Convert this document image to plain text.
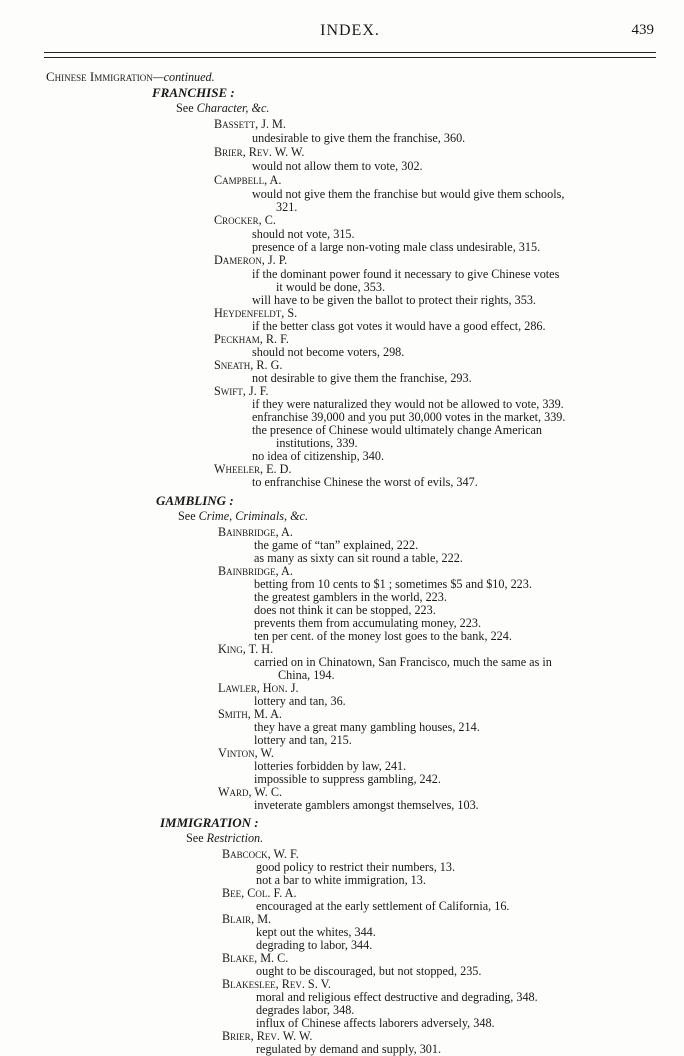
INDEX.	439
Chinese Immigration—continued.
FRANCHISE :
See Character, &c.
Bassett, J. M.
undesirable to give them the franchise, 360.
Brier, Rev. W. W.
would not allow them to vote, 302.
Campbell, A.
would not give them the franchise but would give them schools,
321.
Crocker, C.
should not vote, 315.
presence of a large non-voting male class undesirable, 315.
Dameron, J. P.
if the dominant power found it necessary to give Chinese votes
it would be done, 353.
will have to be given the ballot to protect their rights, 353.
Heydenfeldt, S.
if the better class got votes it would have a good effect, 286.
Peckham, R. F.
should not become voters, 298.
Sneath, R. G.
not desirable to give them the franchise, 293.
Swift, J. F.
if they were naturalized they would not be allowed to vote, 339.
enfranchise 39,000 and you put 30,000 votes in the market, 339.
the presence of Chinese would ultimately change American
institutions, 339.
no idea of citizenship, 340.
Wheeler, E. D.
to enfranchise Chinese the worst of evils, 347.
GAMBLING :
See Crime, Criminals, &c.
Bainbridge, A.
the game of “tan” explained, 222.
as many as sixty can sit round a table, 222.
Bainbridge, A.
betting from 10 cents to $1 ; sometimes $5 and $10, 223.
the greatest gamblers in the world, 223.
does not think it can be stopped, 223.
prevents them from accumulating money, 223.
ten per cent. of the money lost goes to the bank, 224.
King, T. H.
carried on in Chinatown, San Francisco, much the same as in
China, 194.
Lawler, Hon. J.
lottery and tan, 36.
Smith, M. A.
they have a great many gambling houses, 214.
lottery and tan, 215.
Vinton, W.
lotteries forbidden by law, 241.
impossible to suppress gambling, 242.
Ward, W. C.
inveterate gamblers amongst themselves, 103.
IMMIGRATION :
See Restriction.
Babcock, W. F.
good policy to restrict their numbers, 13.
not a bar to white immigration, 13.
Bee, Col. F. A.
encouraged at the early settlement of California, 16.
Blair, M.
kept out the whites, 344.
degrading to labor, 344.
Blake, M. C.
ought to be discouraged, but not stopped, 235.
Blakeslee, Rev. S. V.
moral and religious effect destructive and degrading, 348.
degrades labor, 348.
influx of Chinese affects laborers adversely, 348.
Brier, Rev. W. W.
regulated by demand and supply, 301.
